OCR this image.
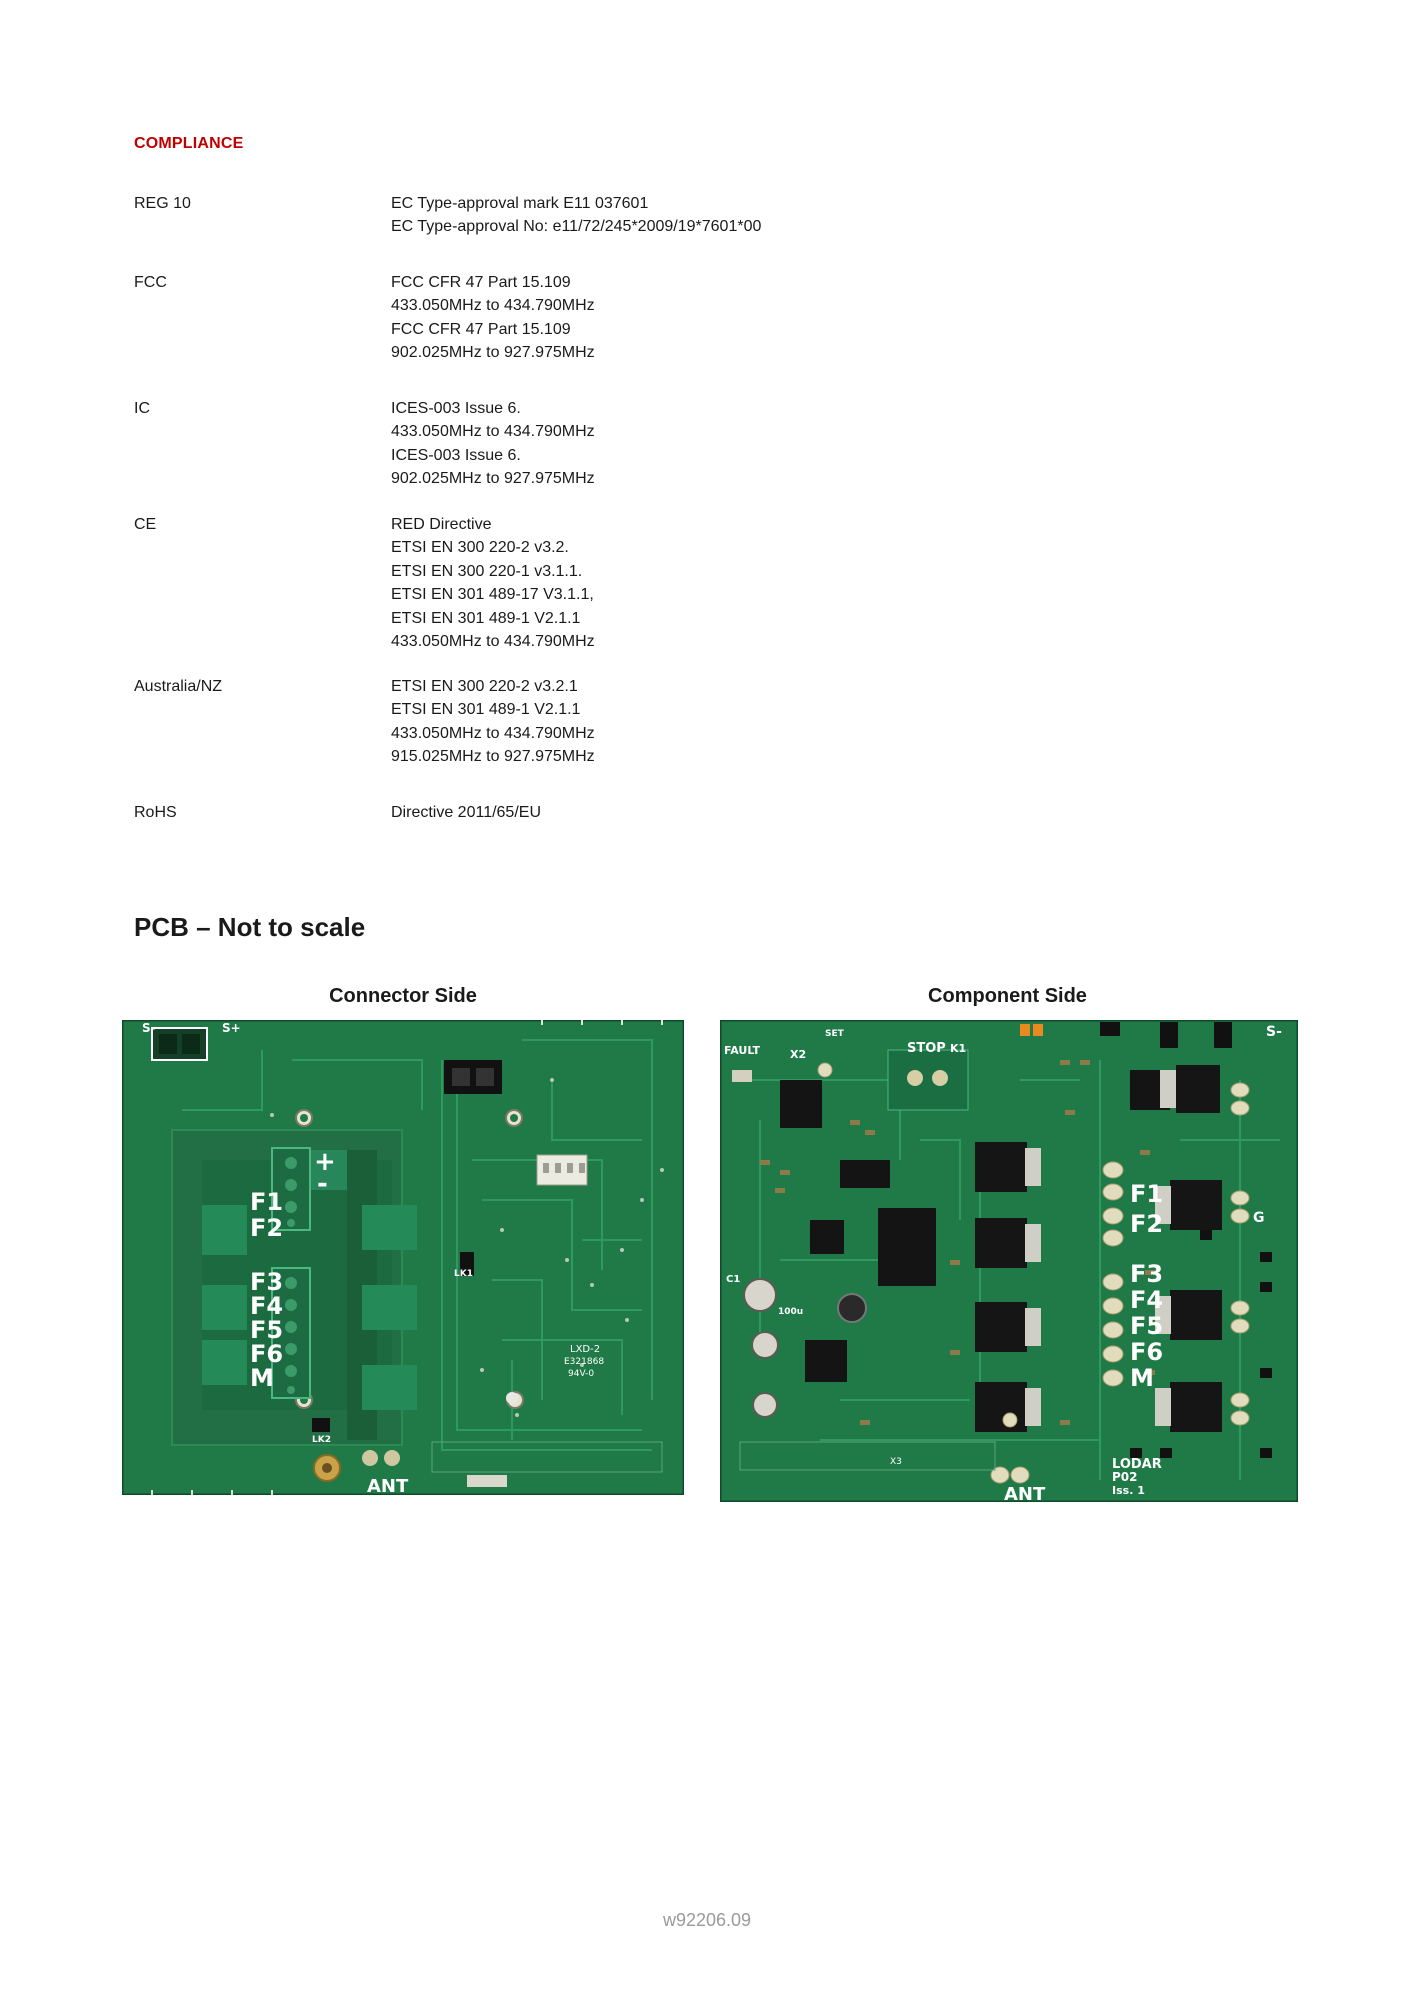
COMPLIANCE
REG 10	EC Type-approval mark E11 037601
EC Type-approval No: e11/72/245*2009/19*7601*00
FCC	FCC CFR 47 Part 15.109
433.050MHz to 434.790MHz
FCC CFR 47 Part 15.109
902.025MHz to 927.975MHz
IC	ICES-003 Issue 6.
433.050MHz to 434.790MHz
ICES-003 Issue 6.
902.025MHz to 927.975MHz
CE	RED Directive
ETSI EN 300 220-2 v3.2.
ETSI EN 300 220-1 v3.1.1.
ETSI EN 301 489-17 V3.1.1,
ETSI EN 301 489-1 V2.1.1
433.050MHz to 434.790MHz
Australia/NZ	ETSI EN 300 220-2 v3.2.1
ETSI EN 301 489-1 V2.1.1
433.050MHz to 434.790MHz
915.025MHz to 927.975MHz
RoHS	Directive 2011/65/EU
PCB – Not to scale
Connector Side	Component Side
S-	S+
+
-
F1
F2
F3
F4
F5
F6
M
ANT
LK1
LK2
LXD-2
E321868
94V-0
FAULT
SET
STOP K1
X2
S-
F1
F2
F3
F4
F5
F6
M
G
ANT
LODAR
P02
Iss. 1
X3
C1
100u
w92206.09
